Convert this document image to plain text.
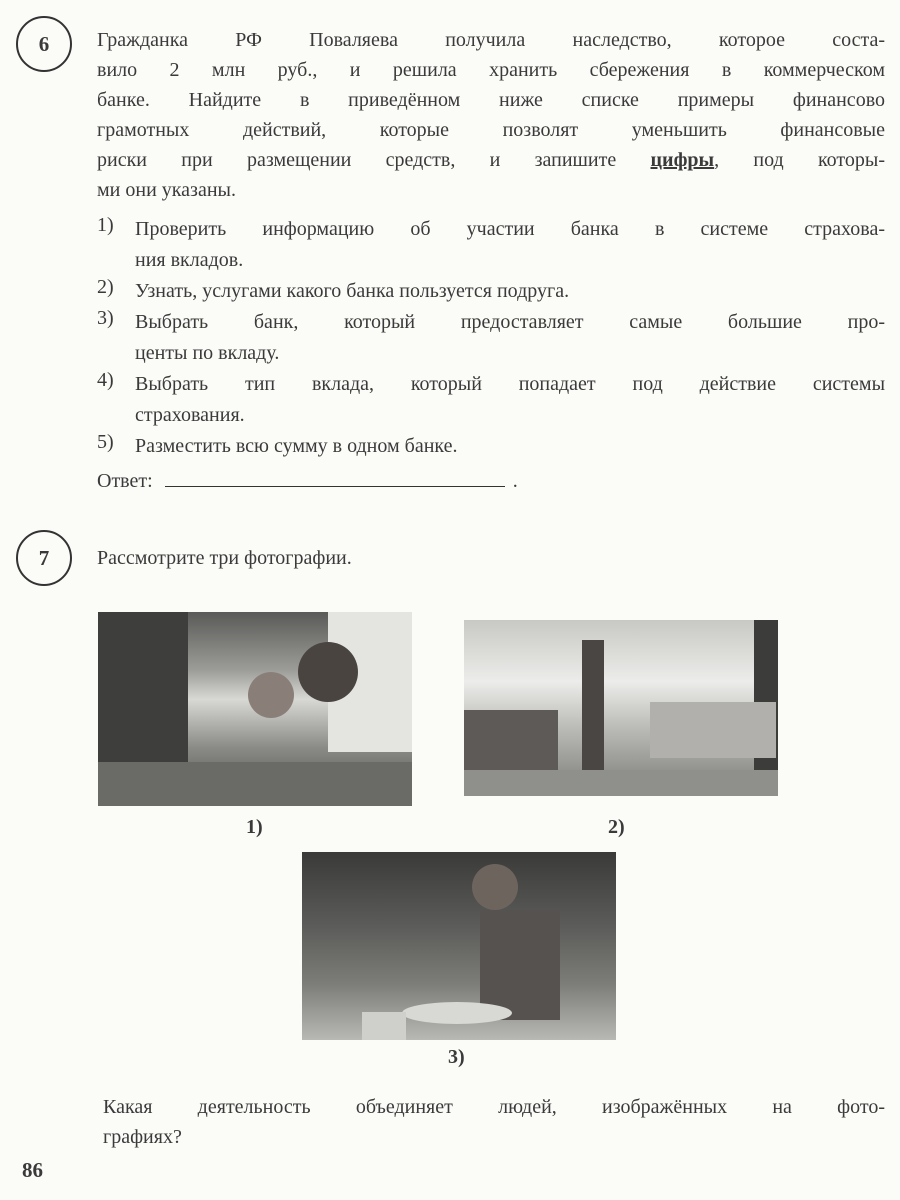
6	Гражданка РФ Поваляева получила наследство, которое соста-
вило 2 млн руб., и решила хранить сбережения в коммерческом
банке. Найдите в приведённом ниже списке примеры финансово
грамотных действий, которые позволят уменьшить финансовые
риски при размещении средств, и запишите цифры, под которы-
ми они указаны.
1)	Проверить информацию об участии банка в системе страхова-
ния вкладов.
2)	Узнать, услугами какого банка пользуется подруга.
3)	Выбрать банк, который предоставляет самые большие про-
центы по вкладу.
4)	Выбрать тип вклада, который попадает под действие системы
страхования.
5)	Разместить всю сумму в одном банке.
Ответ:	.
7	Рассмотрите три фотографии.
1)	2)
3)
Какая деятельность объединяет людей, изображённых на фото-
графиях?
86
